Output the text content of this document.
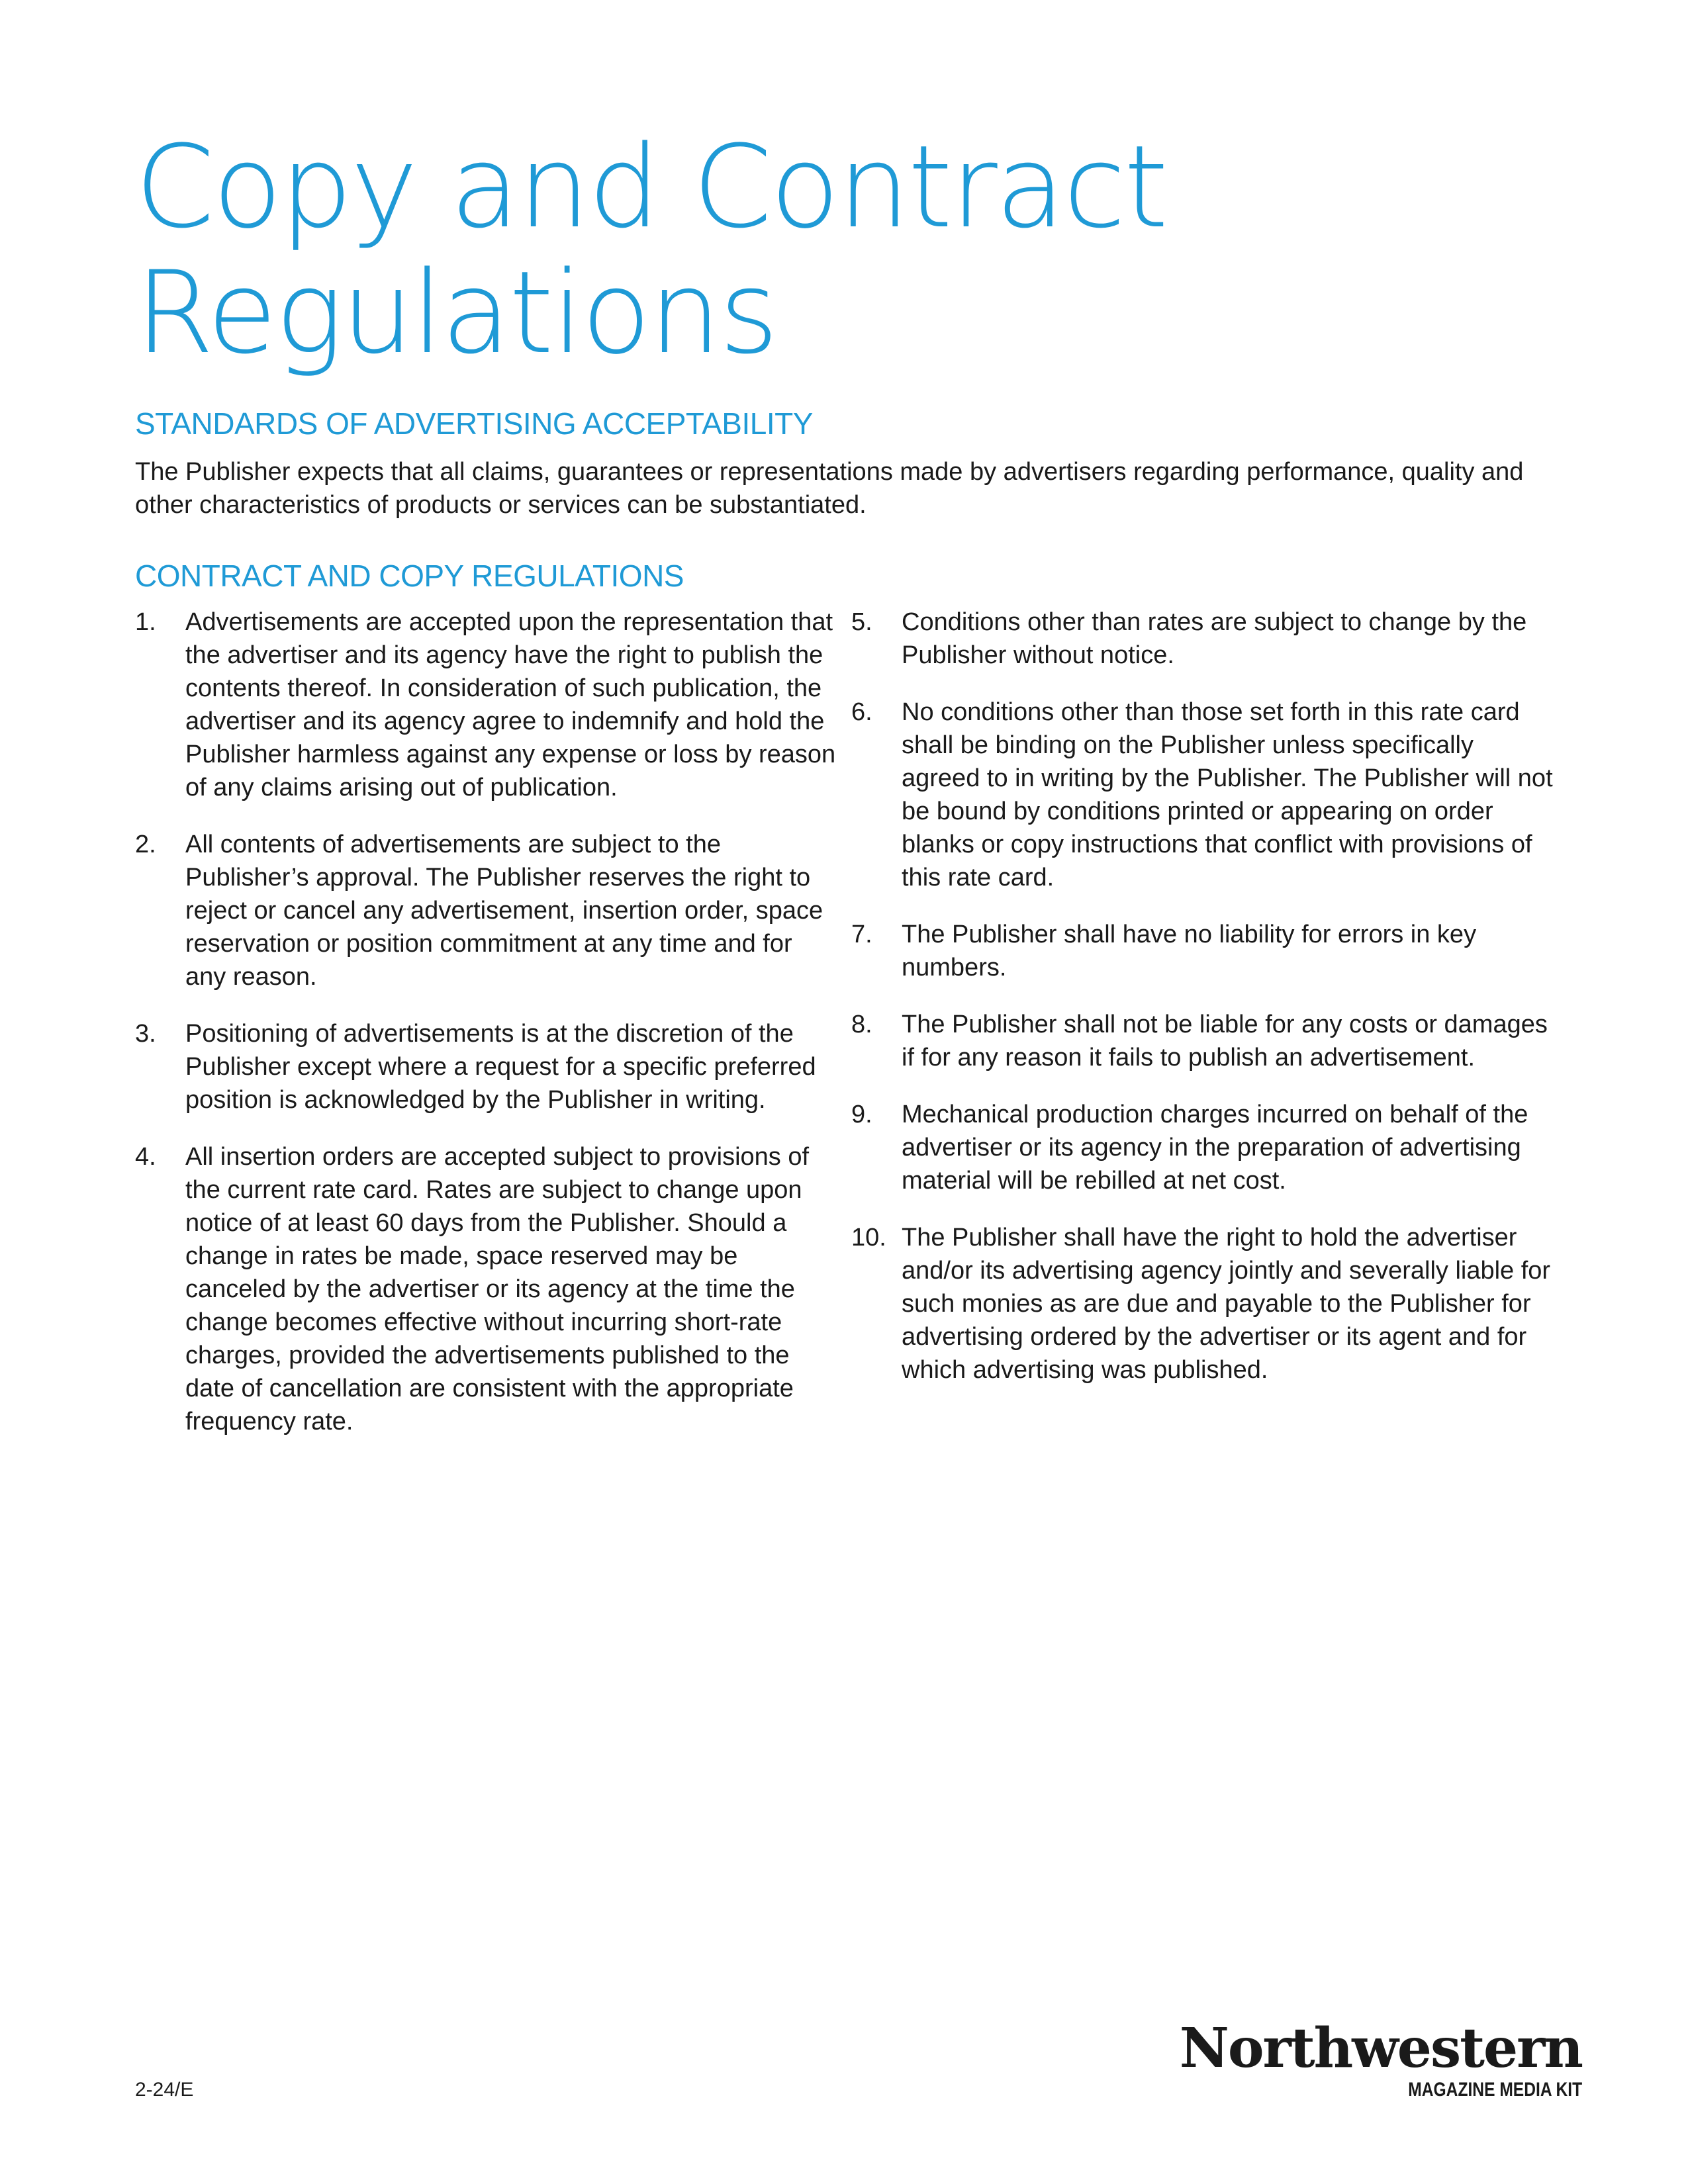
Copy and Contract
Regulations
STANDARDS OF ADVERTISING ACCEPTABILITY

The Publisher expects that all claims, guarantees or representations made by advertisers regarding performance, quality and other characteristics of products or services can be substantiated.

CONTRACT AND COPY REGULATIONS
1.	Advertisements are accepted upon the representation that the advertiser and its agency have the right to publish the contents thereof. In consideration of such publication, the advertiser and its agency agree to indemnify and hold the Publisher harmless against any expense or loss by reason of any claims arising out of publication.
2.	All contents of advertisements are subject to the Publisher’s approval. The Publisher reserves the right to reject or cancel any advertisement, insertion order, space reservation or position commitment at any time and for any reason.
3.	Positioning of advertisements is at the discretion of the Publisher except where a request for a specific preferred position is acknowledged by the Publisher in writing.
4.	All insertion orders are accepted subject to provisions of the current rate card. Rates are subject to change upon notice of at least 60 days from the Publisher. Should a change in rates be made, space reserved may be canceled by the advertiser or its agency at the time the change becomes effective without incurring short-rate charges, provided the advertisements published to the date of cancellation are consistent with the appropriate frequency rate.
5.	Conditions other than rates are subject to change by the Publisher without notice.
6.	No conditions other than those set forth in this rate card shall be binding on the Publisher unless specifically agreed to in writing by the Publisher. The Publisher will not be bound by conditions printed or appearing on order blanks or copy instructions that conflict with provisions of this rate card.
7.	The Publisher shall have no liability for errors in key numbers.
8.	The Publisher shall not be liable for any costs or damages if for any reason it fails to publish an advertisement.
9.	Mechanical production charges incurred on behalf of the advertiser or its agency in the preparation of advertising material will be rebilled at net cost.
10. The Publisher shall have the right to hold the advertiser and/or its advertising agency jointly and severally liable for such monies as are due and payable to the Publisher for advertising ordered by the advertiser or its agent and for which advertising was published.
2-24/E
Northwestern
MAGAZINE MEDIA KIT
